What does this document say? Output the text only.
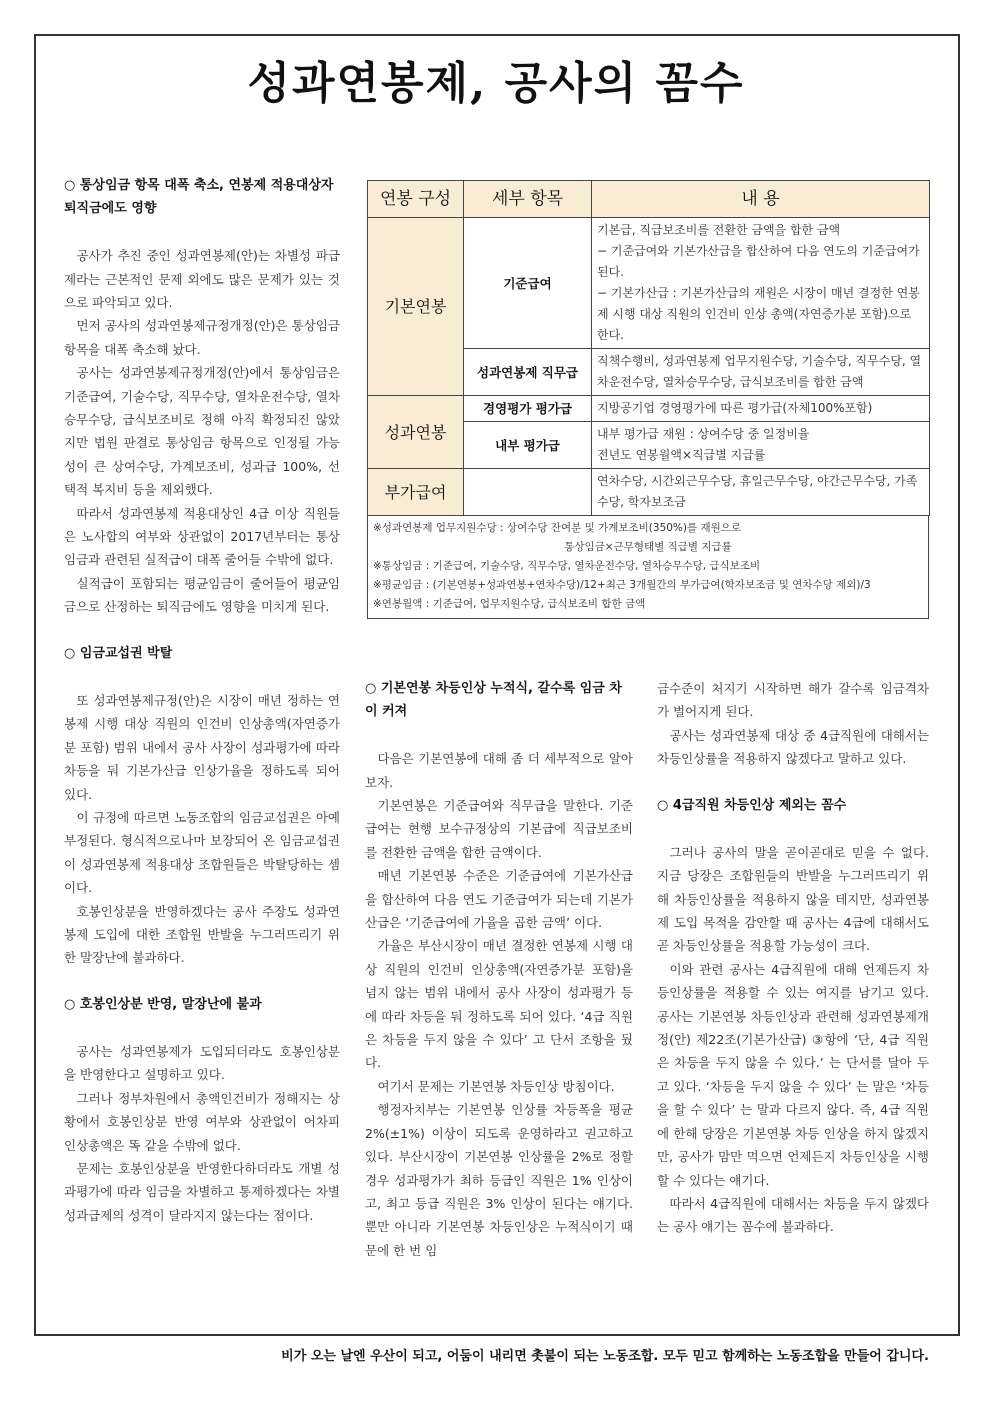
성과연봉제, 공사의 꼼수
○ 통상임금 항목 대폭 축소, 연봉제 적용대상자 퇴직금에도 영향

공사가 추진 중인 성과연봉제(안)는 차별성 파급제라는 근본적인 문제 외에도 많은 문제가 있는 것으로 파악되고 있다.

먼저 공사의 성과연봉제규정개정(안)은 통상임금 항목을 대폭 축소해 놨다.

공사는 성과연봉제규정개정(안)에서 통상임금은 기준급여, 기술수당, 직무수당, 열차운전수당, 열차승무수당, 급식보조비로 정해 아직 확정되진 않았지만 법원 판결로 통상임금 항목으로 인정될 가능성이 큰 상여수당, 가계보조비, 성과급 100%, 선택적 복지비 등을 제외했다.

따라서 성과연봉제 적용대상인 4급 이상 직원들은 노사합의 여부와 상관없이 2017년부터는 통상임금과 관련된 실적급이 대폭 줄어들 수밖에 없다.

실적급이 포함되는 평균임금이 줄어들어 평균임금으로 산정하는 퇴직금에도 영향을 미치게 된다.

○ 임금교섭권 박탈

또 성과연봉제규정(안)은 시장이 매년 정하는 연봉제 시행 대상 직원의 인건비 인상총액(자연증가분 포함) 범위 내에서 공사 사장이 성과평가에 따라 차등을 둬 기본가산급 인상가율을 정하도록 되어 있다.

이 규정에 따르면 노동조합의 임금교섭권은 아예 부정된다. 형식적으로나마 보장되어 온 임금교섭권이 성과연봉제 적용대상 조합원들은 박탈당하는 셈이다.

호봉인상분을 반영하겠다는 공사 주장도 성과연봉제 도입에 대한 조합원 반발을 누그러뜨리기 위한 말장난에 불과하다.

○ 호봉인상분 반영, 말장난에 불과

공사는 성과연봉제가 도입되더라도 호봉인상분을 반영한다고 설명하고 있다.

그러나 정부차원에서 총액인건비가 정해지는 상황에서 호봉인상분 반영 여부와 상관없이 어차피 인상총액은 똑 같을 수밖에 없다.

문제는 호봉인상분을 반영한다하더라도 개별 성과평가에 따라 임금을 차별하고 통제하겠다는 차별성과급제의 성격이 달라지지 않는다는 점이다.

연봉 구성	세부 항목	내 용
기본연봉	기준급여	기본급, 직급보조비를 전환한 금액을 합한 금액
− 기준급여와 기본가산급을 합산하여 다음 연도의 기준급여가 된다.
− 기본가산급 : 기본가산급의 재원은 시장이 매년 결정한 연봉제 시행 대상 직원의 인건비 인상 총액(자연증가분 포함)으로 한다.
	성과연봉제 직무급	직책수행비, 성과연봉제 업무지원수당, 기술수당, 직무수당, 열차운전수당, 열차승무수당, 급식보조비를 합한 금액
성과연봉	경영평가 평가급	지방공기업 경영평가에 따른 평가급(자체100%포함)
	내부 평가급	내부 평가급 재원 : 상여수당 중 일정비율
전년도 연봉월액×직급별 지급률
부가급여		연차수당, 시간외근무수당, 휴일근무수당, 야간근무수당, 가족수당, 학자보조금
※성과연봉제 업무지원수당 : 상여수당 잔여분 및 가계보조비(350%)를 재원으로
통상임금×근무형태별 직급별 지급률
※통상임금 : 기준급여, 기술수당, 직무수당, 열차운전수당, 열차승무수당, 급식보조비
※평균임금 : (기본연봉+성과연봉+연차수당)/12+최근 3개월간의 부가급여(학자보조금 및 연차수당 제외)/3
※연봉월액 : 기준급여, 업무지원수당, 급식보조비 합한 금액
○ 기본연봉 차등인상 누적식, 갈수록 임금 차이 커져

다음은 기본연봉에 대해 좀 더 세부적으로 알아보자.

기본연봉은 기준급여와 직무급을 말한다. 기준급여는 현행 보수규정상의 기본급에 직급보조비를 전환한 금액을 합한 금액이다.

매년 기본연봉 수준은 기준급여에 기본가산급을 합산하여 다음 연도 기준급여가 되는데 기본가산급은 ‘기준급여에 가율을 곱한 금액’ 이다.

가율은 부산시장이 매년 결정한 연봉제 시행 대상 직원의 인건비 인상총액(자연증가분 포함)을 넘지 않는 범위 내에서 공사 사장이 성과평가 등에 따라 차등을 둬 정하도록 되어 있다. ‘4급 직원은 차등을 두지 않을 수 있다’ 고 단서 조항을 뒀다.

여기서 문제는 기본연봉 차등인상 방침이다.

행정자치부는 기본연봉 인상률 차등폭을 평균 2%(±1%) 이상이 되도록 운영하라고 권고하고 있다. 부산시장이 기본연봉 인상률을 2%로 정할 경우 성과평가가 최하 등급인 직원은 1% 인상이고, 최고 등급 직원은 3% 인상이 된다는 얘기다. 뿐만 아니라 기본연봉 차등인상은 누적식이기 때문에 한 번 임

금수준이 처지기 시작하면 해가 갈수록 임금격차가 벌어지게 된다.

공사는 성과연봉제 대상 중 4급직원에 대해서는 차등인상률을 적용하지 않겠다고 말하고 있다.

○ 4급직원 차등인상 제외는 꼼수

그러나 공사의 말을 곧이곧대로 믿을 수 없다. 지금 당장은 조합원들의 반발을 누그러뜨리기 위해 차등인상률을 적용하지 않을 테지만, 성과연봉제 도입 목적을 감안할 때 공사는 4급에 대해서도 곧 차등인상률을 적용할 가능성이 크다.

이와 관련 공사는 4급직원에 대해 언제든지 차등인상률을 적용할 수 있는 여지를 남기고 있다. 공사는 기본연봉 차등인상과 관련해 성과연봉제개정(안) 제22조(기본가산급) ③항에 ‘단, 4급 직원은 차등을 두지 않을 수 있다.’ 는 단서를 달아 두고 있다. ‘차등을 두지 않을 수 있다’ 는 말은 ‘차등을 할 수 있다’ 는 말과 다르지 않다. 즉, 4급 직원에 한해 당장은 기본연봉 차등 인상을 하지 않겠지만, 공사가 맘만 먹으면 언제든지 차등인상을 시행할 수 있다는 얘기다.

따라서 4급직원에 대해서는 차등을 두지 않겠다는 공사 얘기는 꼼수에 불과하다.

비가 오는 날엔 우산이 되고, 어둠이 내리면 촛불이 되는 노동조합. 모두 믿고 함께하는 노동조합을 만들어 갑니다.
